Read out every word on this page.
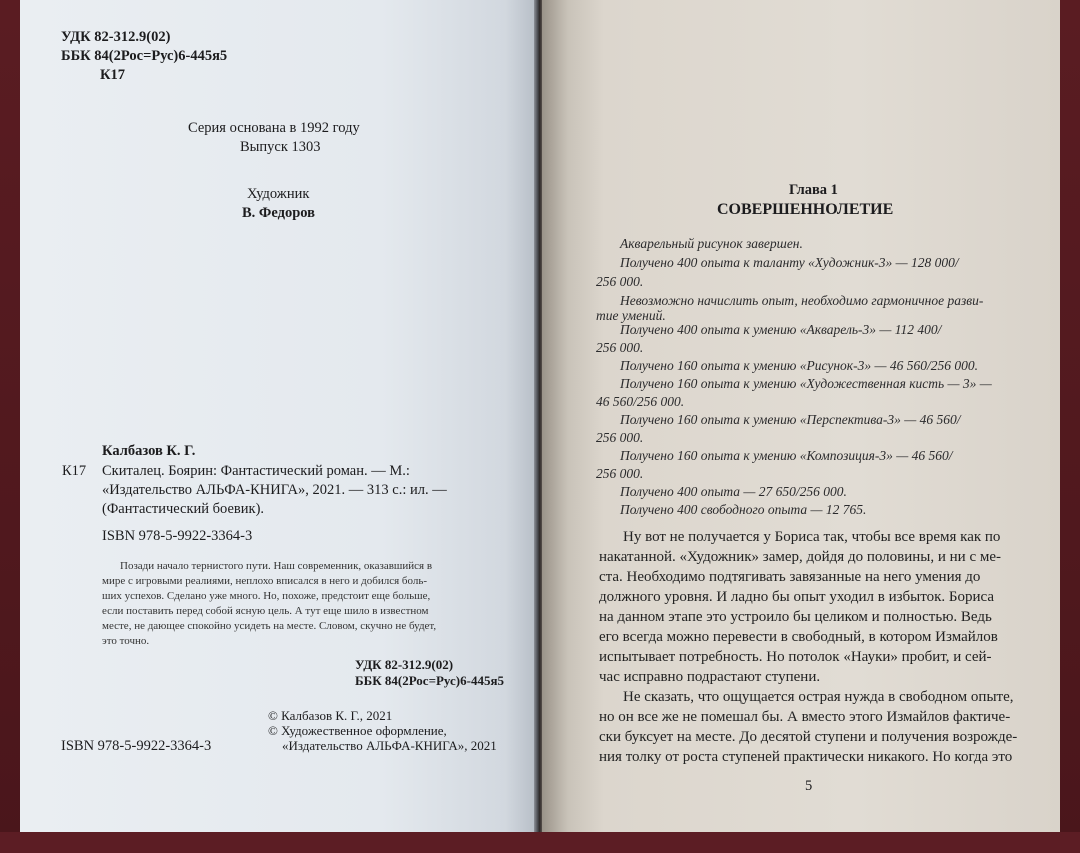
УДК 82-312.9(02)
ББК 84(2Рос=Рус)6-445я5
К17
Серия основана в 1992 году
Выпуск 1303
Художник
В. Федоров
Калбазов К. Г.
К17 Скиталец. Боярин: Фантастический роман. — М.:
«Издательство АЛЬФА-КНИГА», 2021. — 313 с.: ил. —
(Фантастический боевик).
ISBN 978-5-9922-3364-3
Позади начало тернистого пути. Наш современник, оказавшийся в
мире с игровыми реалиями, неплохо вписался в него и добился боль-
ших успехов. Сделано уже много. Но, похоже, предстоит еще больше,
если поставить перед собой ясную цель. А тут еще шило в известном
месте, не дающее спокойно усидеть на месте. Словом, скучно не будет,
это точно.
УДК 82-312.9(02)
ББК 84(2Рос=Рус)6-445я5
© Калбазов К. Г., 2021
© Художественное оформление,
«Издательство АЛЬФА-КНИГА», 2021
ISBN 978-5-9922-3364-3
Глава 1
СОВЕРШЕННОЛЕТИЕ
Акварельный рисунок завершен.
Получено 400 опыта к таланту «Художник-3» — 128 000/
256 000.
Невозможно начислить опыт, необходимо гармоничное разви-
тие умений.
Получено 400 опыта к умению «Акварель-3» — 112 400/
256 000.
Получено 160 опыта к умению «Рисунок-3» — 46 560/256 000.
Получено 160 опыта к умению «Художественная кисть — 3» —
46 560/256 000.
Получено 160 опыта к умению «Перспектива-3» — 46 560/
256 000.
Получено 160 опыта к умению «Композиция-3» — 46 560/
256 000.
Получено 400 опыта — 27 650/256 000.
Получено 400 свободного опыта — 12 765.
Ну вот не получается у Бориса так, чтобы все время как по
накатанной. «Художник» замер, дойдя до половины, и ни с ме-
ста. Необходимо подтягивать завязанные на него умения до
должного уровня. И ладно бы опыт уходил в избыток. Бориса
на данном этапе это устроило бы целиком и полностью. Ведь
его всегда можно перевести в свободный, в котором Измайлов
испытывает потребность. Но потолок «Науки» пробит, и сей-
час исправно подрастают ступени.
Не сказать, что ощущается острая нужда в свободном опыте,
но он все же не помешал бы. А вместо этого Измайлов фактиче-
ски буксует на месте. До десятой ступени и получения возрожде-
ния толку от роста ступеней практически никакого. Но когда это
5
